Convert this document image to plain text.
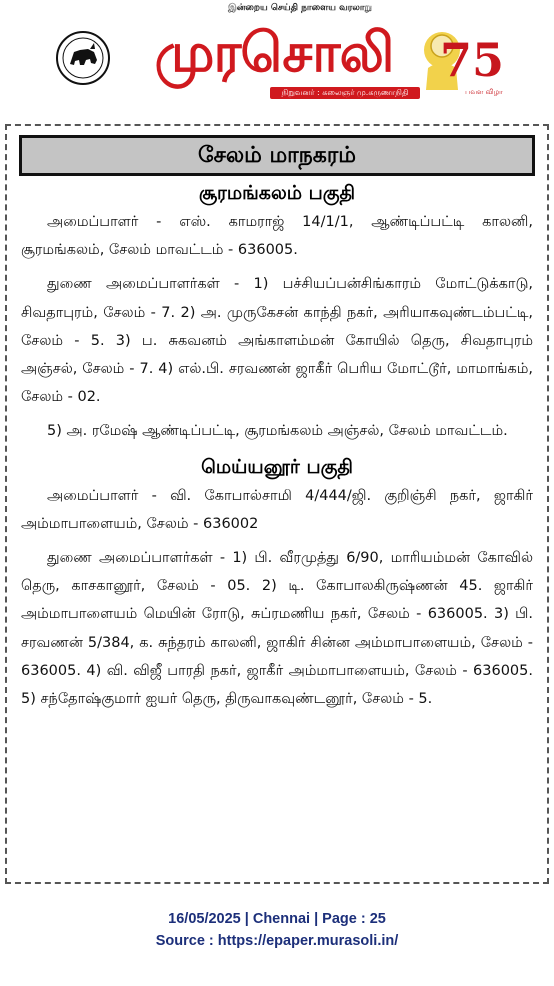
இன்றைய செய்தி நாளைய வரலாறு
முரசொலி
நிறுவனர் : கலைஞர் மு.கருணாநிதி
75
பவள விழா
சேலம் மாநகரம்
சூரமங்கலம் பகுதி

அமைப்பாளர் - எஸ். காமராஜ் 14/1/1, ஆண்டிப்பட்டி காலனி, சூரமங்கலம், சேலம் மாவட்டம் - 636005.

துணை அமைப்பாளர்கள் - 1) பச்சியப்பன்சிங்காரம் மோட்டுக்காடு, சிவதாபுரம், சேலம் - 7. 2) அ. முருகேசன் காந்தி நகர், அரியாகவுண்டம்பட்டி, சேலம் - 5. 3) ப. சுகவனம் அங்காளம்மன் கோயில் தெரு, சிவதாபுரம் அஞ்சல், சேலம் - 7. 4) எல்.பி. சரவணன் ஜாகீர் பெரிய மோட்டூர், மாமாங்கம், சேலம் - 02.

5) அ. ரமேஷ் ஆண்டிப்பட்டி, சூரமங்கலம் அஞ்சல், சேலம் மாவட்டம்.

மெய்யனூர் பகுதி

அமைப்பாளர் - வி. கோபால்சாமி 4/444/ஜி. குறிஞ்சி நகர், ஜாகிர் அம்மாபாளையம், சேலம் - 636002

துணை அமைப்பாளர்கள் - 1) பி. வீரமுத்து 6/90, மாரியம்மன் கோவில் தெரு, காசகானூர், சேலம் - 05. 2) டி. கோபாலகிருஷ்ணன் 45. ஜாகிர் அம்மாபாளையம் மெயின் ரோடு, சுப்ரமணிய நகர், சேலம் - 636005. 3) பி. சரவணன் 5/384, க. சுந்தரம் காலனி, ஜாகிர் சின்ன அம்மாபாளையம், சேலம் - 636005. 4) வி. விஜீ பாரதி நகர், ஜாகீர் அம்மாபாளையம், சேலம் - 636005. 5) சந்தோஷ்குமார் ஐயர் தெரு, திருவாகவுண்டனூர், சேலம் - 5.

16/05/2025 | Chennai | Page : 25
Source : https://epaper.murasoli.in/
